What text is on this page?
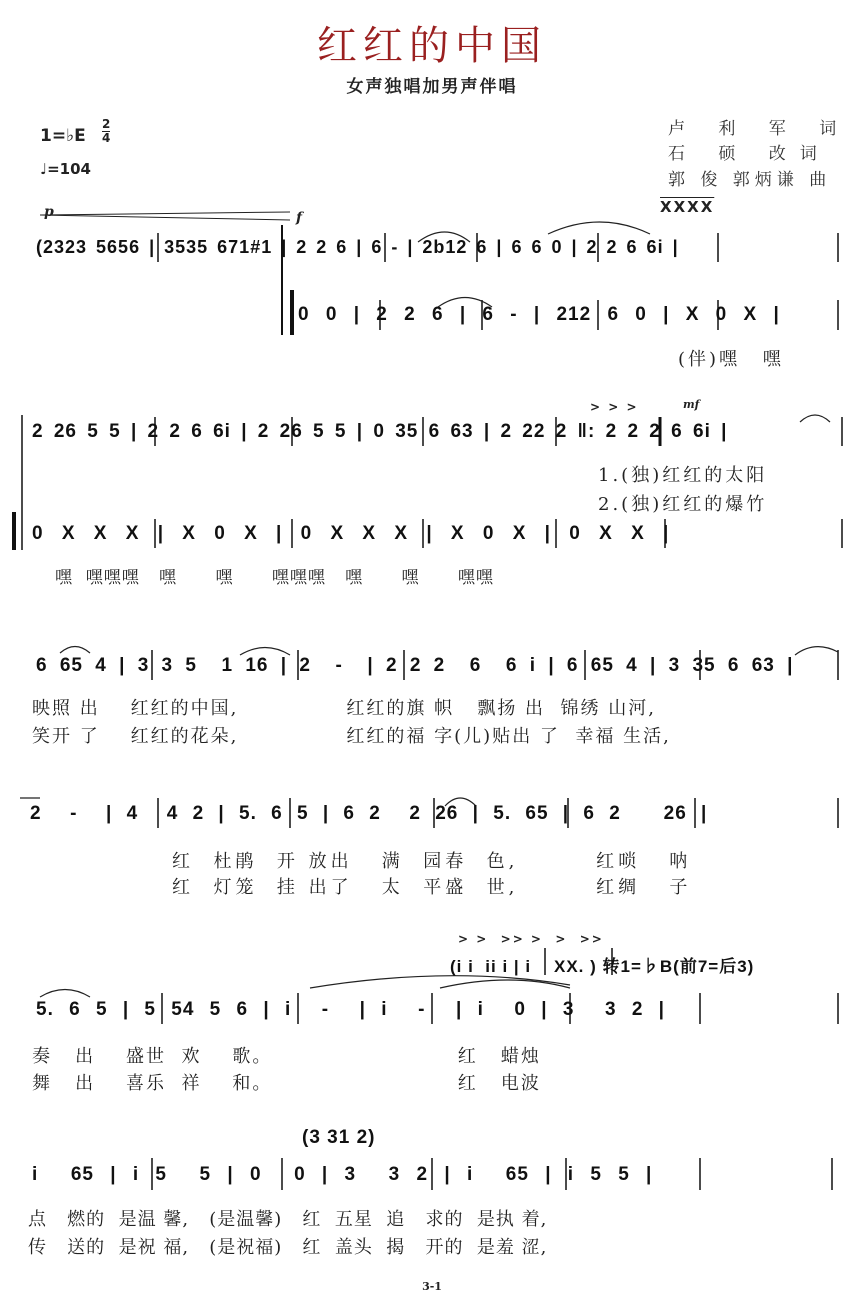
红红的中国
女声独唱加男声伴唱
卢 利 军 词
石 硕 改词
郭 俊 郭炳谦 曲
1=♭E $\frac{2}{4}$
♩=104
p	f
mf
XXXX
> > >
> >  >> >  >  >>
(2323 5656 | 3535 671#1 | 2 2 6 | 6 - | 2b12 6 | 6 6 0 | 2 2 6 6i |
0 0 | 2 2 6 | 6 - | 212 6 0 | X 0 X |
(伴)嘿 嘿
2 26 5 5 | 2 2 6 6i | 2 26 5 5 | 0 35 6 63 | 2 22 2 ‖: 2 2 2 6 6i |
1.(独)红红的太阳
2.(独)红红的爆竹
0 X X X | X 0 X | 0 X X X | X 0 X | 0 X X |
嘿  嘿嘿嘿   嘿      嘿      嘿嘿嘿   嘿      嘿      嘿嘿
6 65 4 | 3 3 5  1 16 | 2  -  | 2 2 2  6  6 i | 6 65 4 | 3 35 6 63 |
映照 出    红红的中国,              红红的旗 帜   飘扬 出  锦绣 山河,
笑开 了    红红的花朵,              红红的福 字(儿)贴出 了  幸福 生活,
2  -  | 4  4 2 | 5. 6 5 | 6 2  2 26 | 5. 65 | 6 2   26 |
红  杜鹃  开 放出   满  园春  色,        红唢   呐
红  灯笼  挂 出了   太  平盛  世,        红绸   子
(i i  ii i | i    XX. ) 转1=♭B(前7=后3)
5. 6 5 | 5 54 5 6 | i  -  | i  -  | i  0 | 3  3 2 |
奏   出    盛世  欢    歌。                        红   蜡烛
舞   出    喜乐  祥    和。                        红   电波
(3 31 2)
i  65 | i 5  5 | 0  0 | 3  3 2 | i  65 | i 5 5 |
点   燃的  是温 馨,   (是温馨)   红  五星  追   求的  是执 着,
传   送的  是祝 福,   (是祝福)   红  盖头  揭   开的  是羞 涩,
3-1
